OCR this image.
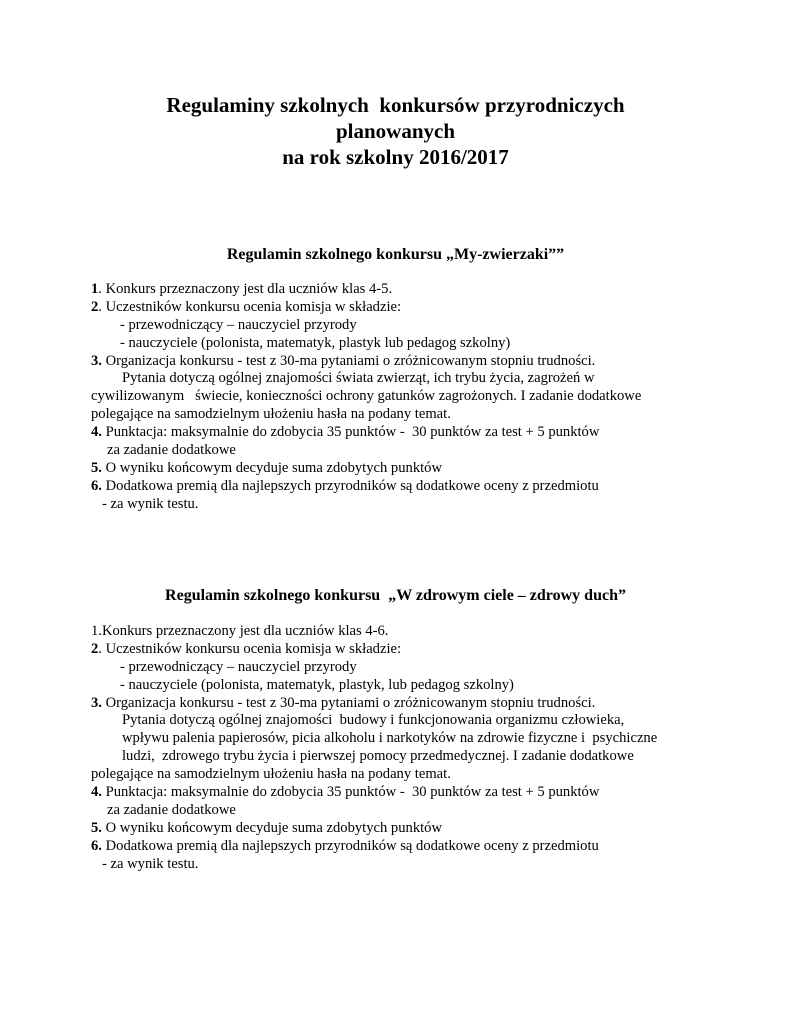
Regulaminy szkolnych  konkursów przyrodniczych
planowanych
na rok szkolny 2016/2017
Regulamin szkolnego konkursu „My-zwierzaki””
1. Konkurs przeznaczony jest dla uczniów klas 4-5.
2. Uczestników konkursu ocenia komisja w składzie:
- przewodniczący – nauczyciel przyrody
- nauczyciele (polonista, matematyk, plastyk lub pedagog szkolny)
3. Organizacja konkursu - test z 30-ma pytaniami o zróżnicowanym stopniu trudności.
Pytania dotyczą ogólnej znajomości świata zwierząt, ich trybu życia, zagrożeń w
cywilizowanym   świecie, konieczności ochrony gatunków zagrożonych. I zadanie dodatkowe
polegające na samodzielnym ułożeniu hasła na podany temat.
4. Punktacja: maksymalnie do zdobycia 35 punktów -  30 punktów za test + 5 punktów
za zadanie dodatkowe
5. O wyniku końcowym decyduje suma zdobytych punktów
6. Dodatkowa premią dla najlepszych przyrodników są dodatkowe oceny z przedmiotu
- za wynik testu.
Regulamin szkolnego konkursu  „W zdrowym ciele – zdrowy duch”
1.Konkurs przeznaczony jest dla uczniów klas 4-6.
2. Uczestników konkursu ocenia komisja w składzie:
- przewodniczący – nauczyciel przyrody
- nauczyciele (polonista, matematyk, plastyk, lub pedagog szkolny)
3. Organizacja konkursu - test z 30-ma pytaniami o zróżnicowanym stopniu trudności.
Pytania dotyczą ogólnej znajomości  budowy i funkcjonowania organizmu człowieka,
wpływu palenia papierosów, picia alkoholu i narkotyków na zdrowie fizyczne i  psychiczne
ludzi,  zdrowego trybu życia i pierwszej pomocy przedmedycznej. I zadanie dodatkowe
polegające na samodzielnym ułożeniu hasła na podany temat.
4. Punktacja: maksymalnie do zdobycia 35 punktów -  30 punktów za test + 5 punktów
za zadanie dodatkowe
5. O wyniku końcowym decyduje suma zdobytych punktów
6. Dodatkowa premią dla najlepszych przyrodników są dodatkowe oceny z przedmiotu
- za wynik testu.
